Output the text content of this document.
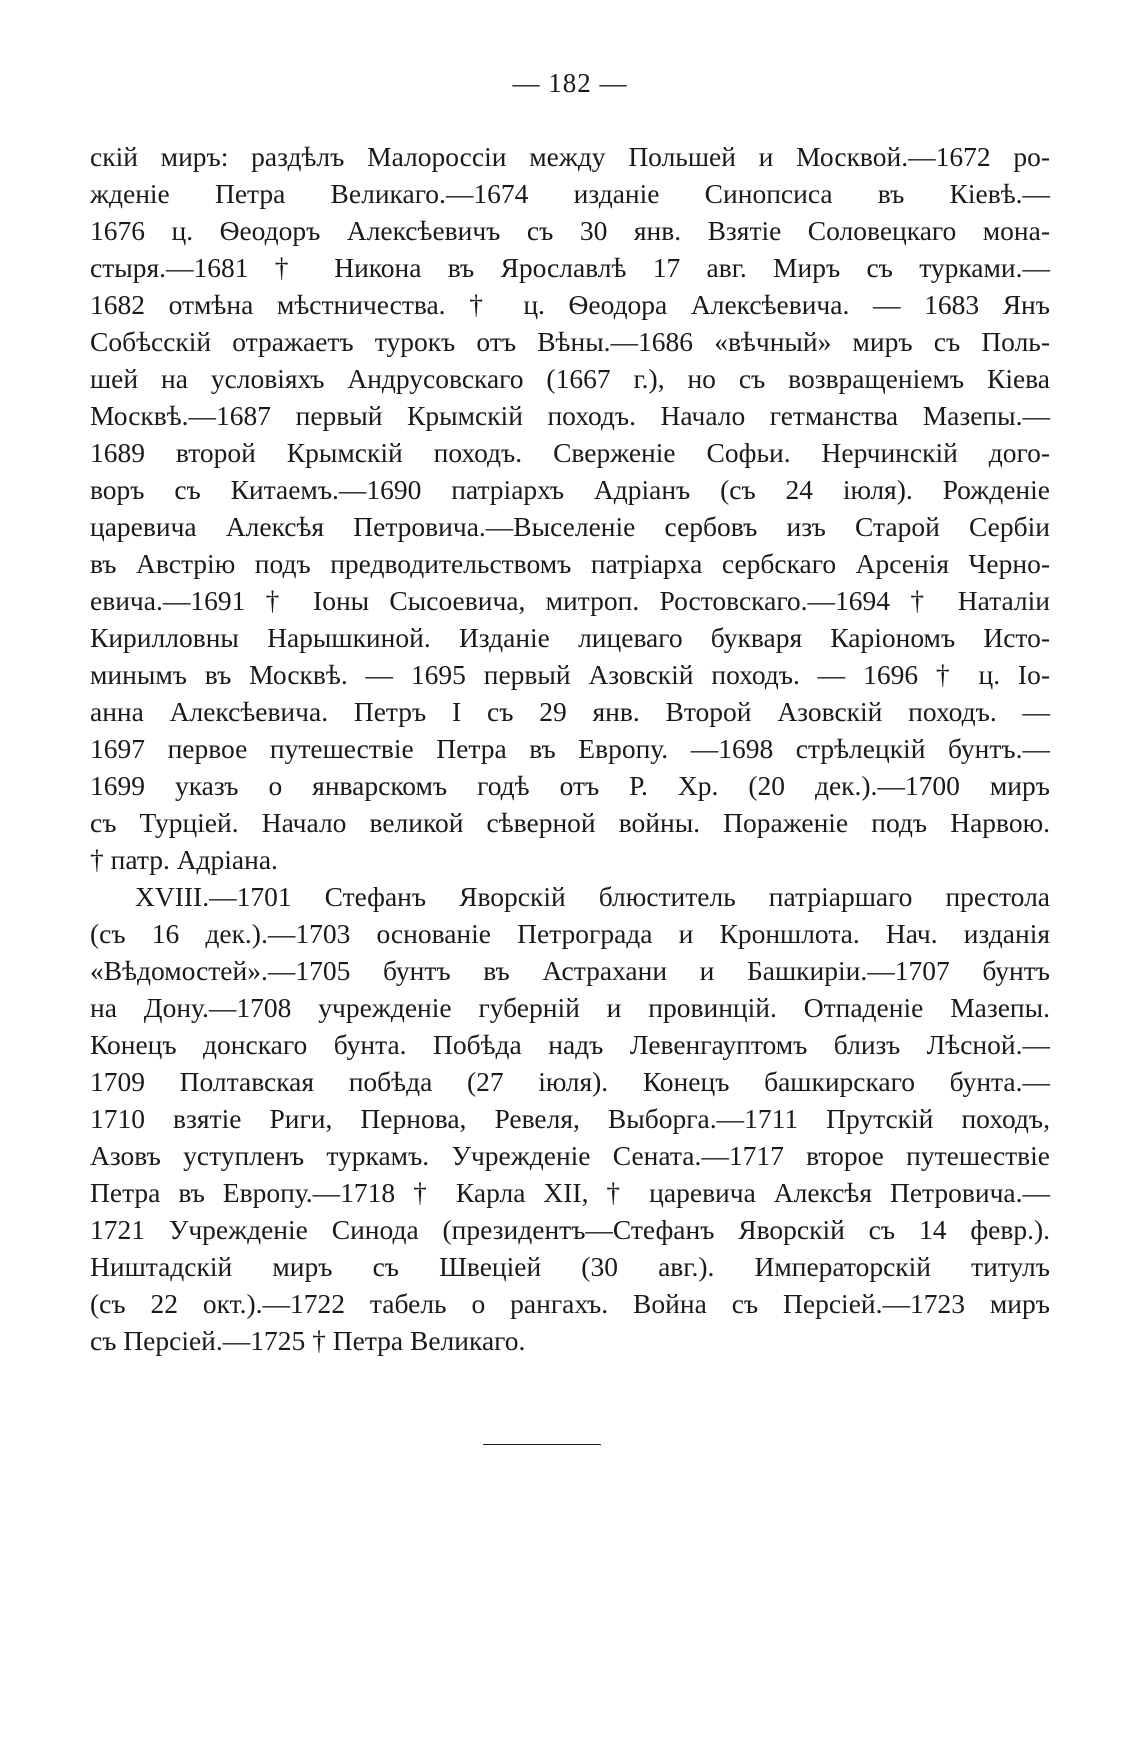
— 182 —
скій миръ: раздѣлъ Малороссіи между Польшей и Москвой.—1672 ро-
жденіе Петра Великаго.—1674 изданіе Синопсиса въ Кіевѣ.—
1676 ц. Ѳеодоръ Алексѣевичъ съ 30 янв. Взятіе Соловецкаго мона-
стыря.—1681 † Никона въ Ярославлѣ 17 авг. Миръ съ турками.—
1682 отмѣна мѣстничества. † ц. Ѳеодора Алексѣевича. — 1683 Янъ
Собѣсскій отражаетъ турокъ отъ Вѣны.—1686 «вѣчный» миръ съ Поль-
шей на условіяхъ Андрусовскаго (1667 г.), но съ возвращеніемъ Кіева
Москвѣ.—1687 первый Крымскій походъ. Начало гетманства Мазепы.—
1689 второй Крымскій походъ. Сверженіе Софьи. Нерчинскій дого-
воръ съ Китаемъ.—1690 патріархъ Адріанъ (съ 24 іюля). Рожденіе
царевича Алексѣя Петровича.—Выселеніе сербовъ изъ Старой Сербіи
въ Австрію подъ предводительствомъ патріарха сербскаго Арсенія Черно-
евича.—1691 † Іоны Сысоевича, митроп. Ростовскаго.—1694 † Наталіи
Кирилловны Нарышкиной. Изданіе лицеваго букваря Каріономъ Исто-
минымъ въ Москвѣ. — 1695 первый Азовскій походъ. — 1696 † ц. Іо-
анна Алексѣевича. Петръ I съ 29 янв. Второй Азовскій походъ. —
1697 первое путешествіе Петра въ Европу. —1698 стрѣлецкій бунтъ.—
1699 указъ о январскомъ годѣ отъ Р. Хр. (20 дек.).—1700 миръ
съ Турціей. Начало великой сѣверной войны. Пораженіе подъ Нарвою.
† патр. Адріана.
XVIII.—1701 Стефанъ Яворскій блюститель патріаршаго престола
(съ 16 дек.).—1703 основаніе Петрограда и Кроншлота. Нач. изданія
«Вѣдомостей».—1705 бунтъ въ Астрахани и Башкиріи.—1707 бунтъ
на Дону.—1708 учрежденіе губерній и провинцій. Отпаденіе Мазепы.
Конецъ донскаго бунта. Побѣда надъ Левенгауптомъ близъ Лѣсной.—
1709 Полтавская побѣда (27 іюля). Конецъ башкирскаго бунта.—
1710 взятіе Риги, Пернова, Ревеля, Выборга.—1711 Прутскій походъ,
Азовъ уступленъ туркамъ. Учрежденіе Сената.—1717 второе путешествіе
Петра въ Европу.—1718 † Карла XII, † царевича Алексѣя Петровича.—
1721 Учрежденіе Синода (президентъ—Стефанъ Яворскій съ 14 февр.).
Ништадскій миръ съ Швеціей (30 авг.). Императорскій титулъ
(съ 22 окт.).—1722 табель о рангахъ. Война съ Персіей.—1723 миръ
съ Персіей.—1725 † Петра Великаго.
